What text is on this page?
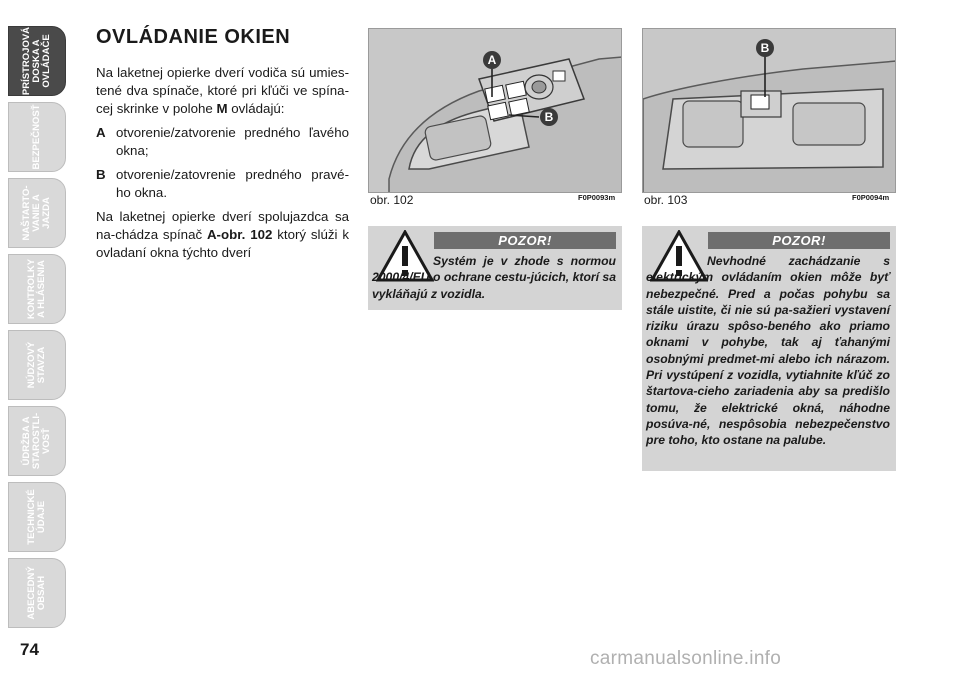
PRÍSTROJOVÁ
DOSKA A
OVLÁDAČE
BEZPEČNOSŤ
NAŠTARTO-
VANIE A
JAZDA
KONTROLKY
A HLÁSENIA
NÚDZOVÝ
STAVZA
ÚDRŽBA A
STAROSTLI-
VOSŤ
TECHNICKÉ
ÚDAJE
ABECEDNÝ
OBSAH
74
OVLÁDANIE OKIEN

Na laketnej opierke dverí vodiča sú umies-tené dva spínače, ktoré pri kľúči ve spína-cej skrinke v polohe M ovládajú:

A otvorenie/zatvorenie predného ľavého okna;
B otvorenie/zatovrenie predného pravé-ho okna.

Na laketnej opierke dverí spolujazdca sa na-chádza spínač A-obr. 102 ktorý slúži k ovladaní okna týchto dverí

A
B
obr. 102	F0P0093m
B
obr. 103	F0P0094m
POZOR!
Systém je v zhode s normou 2000/4/EU o ochrane cestu-júcich, ktorí sa vykláňajú z vozidla.
POZOR!
Nevhodné zachádzanie s elektrickým ovládaním okien môže byť nebezpečné. Pred a počas pohybu sa stále uistite, či nie sú pa-sažieri vystavení riziku úrazu spôso-beného ako priamo oknami v pohybe, tak aj ťahanými osobnými predmet-mi alebo ich nárazom. Pri vystúpení z vozidla, vytiahnite kľúč zo štartova-cieho zariadenia aby sa predišlo tomu, že elektrické okná, náhodne posúva-né, nespôsobia nebezpečenstvo pre toho, kto ostane na palube.
carmanualsonline.info
